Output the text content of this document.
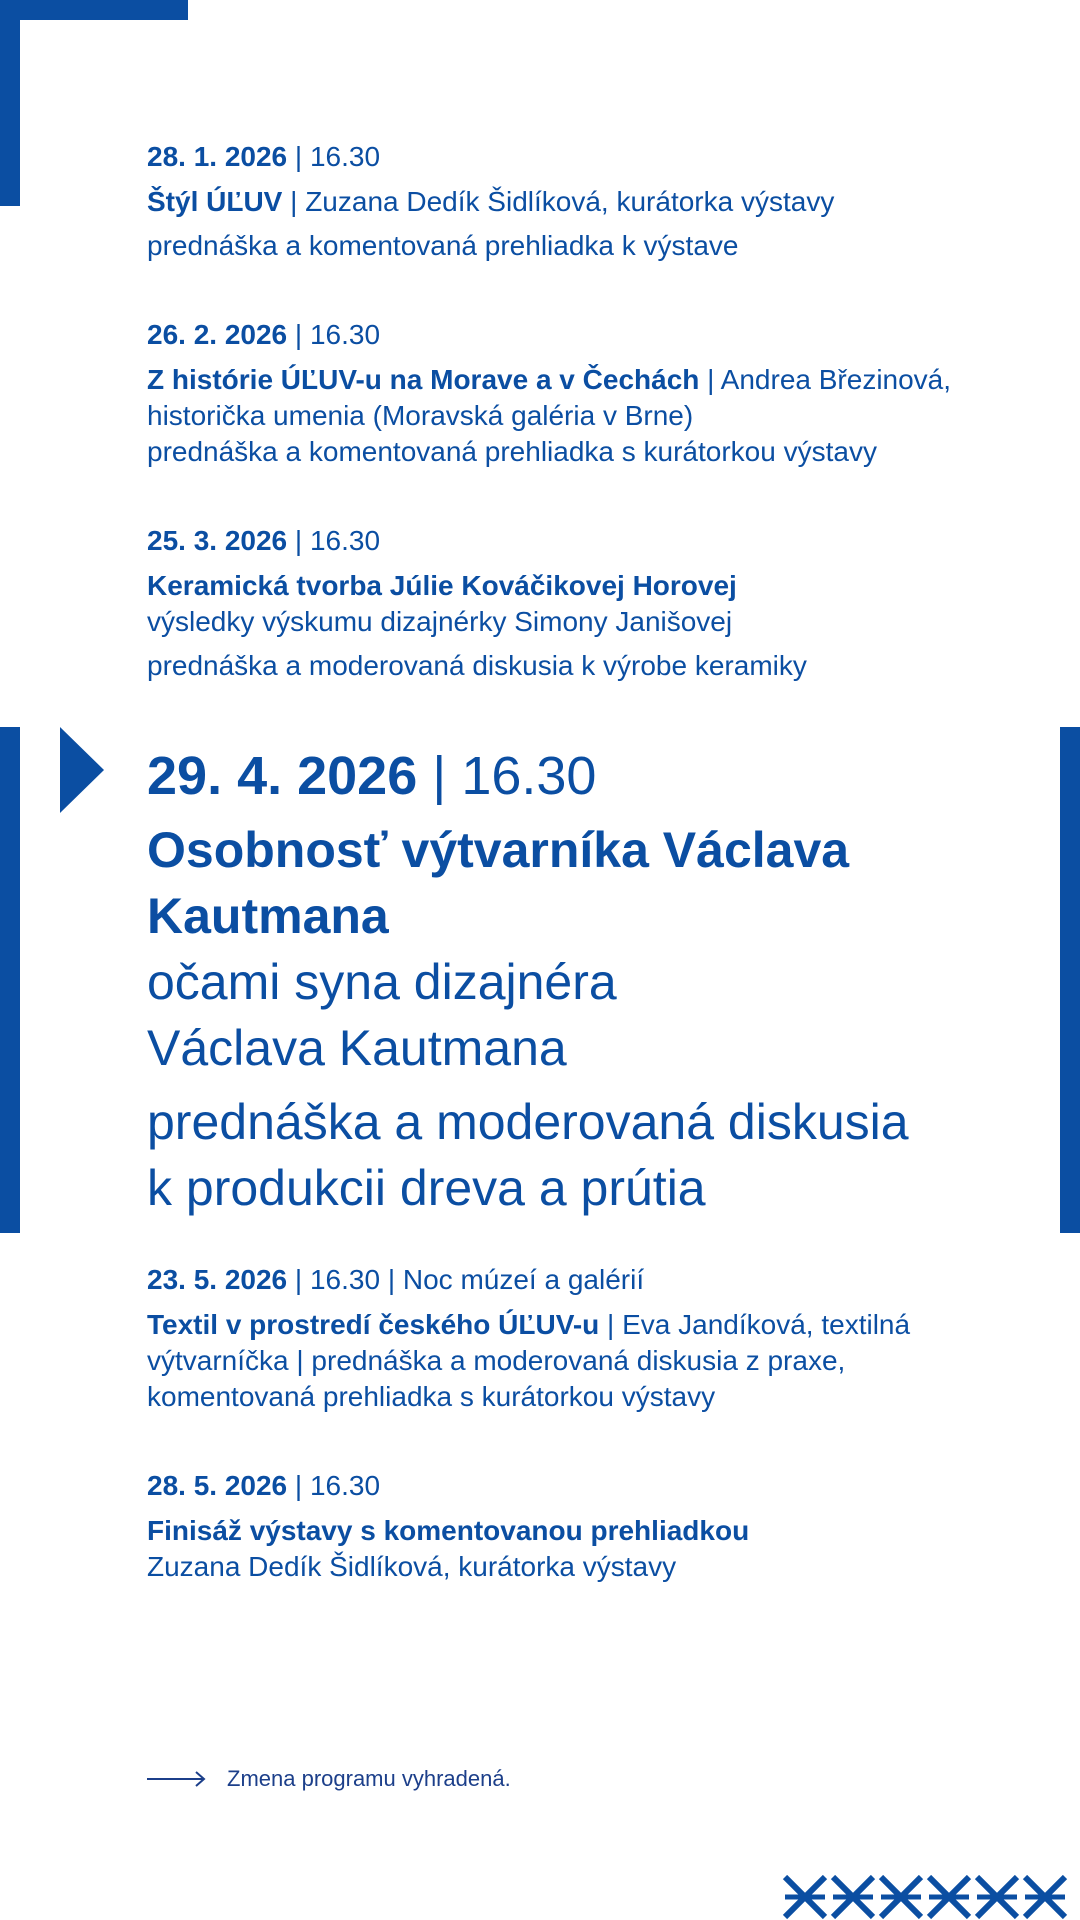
28. 1. 2026 | 16.30
Štýl ÚĽUV | Zuzana Dedík Šidlíková, kurátorka výstavy
prednáška a komentovaná prehliadka k výstave
26. 2. 2026 | 16.30
Z histórie ÚĽUV-u na Morave a v Čechách | Andrea Březinová,
historička umenia (Moravská galéria v Brne)
prednáška a komentovaná prehliadka s kurátorkou výstavy
25. 3. 2026 | 16.30
Keramická tvorba Júlie Kováčikovej Horovej
výsledky výskumu dizajnérky Simony Janišovej
prednáška a moderovaná diskusia k výrobe keramiky
29. 4. 2026 | 16.30
Osobnosť výtvarníka Václava
Kautmana
očami syna dizajnéra
Václava Kautmana
prednáška a moderovaná diskusia
k produkcii dreva a prútia
23. 5. 2026 | 16.30 | Noc múzeí a galérií
Textil v prostredí českého ÚĽUV-u | Eva Jandíková, textilná
výtvarníčka | prednáška a moderovaná diskusia z praxe,
komentovaná prehliadka s kurátorkou výstavy
28. 5. 2026 | 16.30
Finisáž výstavy s komentovanou prehliadkou
Zuzana Dedík Šidlíková, kurátorka výstavy
Zmena programu vyhradená.
